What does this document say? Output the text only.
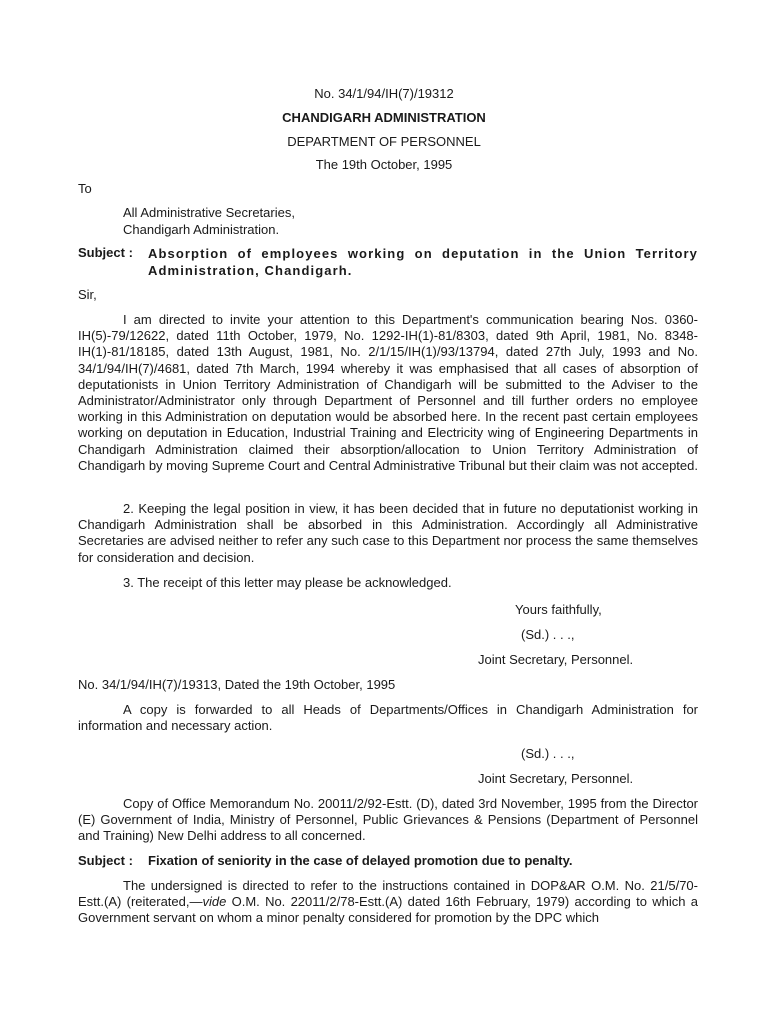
No. 34/1/94/IH(7)/19312
CHANDIGARH ADMINISTRATION
DEPARTMENT OF PERSONNEL
The 19th October, 1995
To
All Administrative Secretaries,
Chandigarh Administration.
Subject : Absorption of employees working on deputation in the Union Territory Administration, Chandigarh.
Sir,
I am directed to invite your attention to this Department's communication bearing Nos. 0360-IH(5)-79/12622, dated 11th October, 1979, No. 1292-IH(1)-81/8303, dated 9th April, 1981, No. 8348-IH(1)-81/18185, dated 13th August, 1981, No. 2/1/15/IH(1)/93/13794, dated 27th July, 1993 and No. 34/1/94/IH(7)/4681, dated 7th March, 1994 whereby it was emphasised that all cases of absorption of deputationists in Union Territory Administration of Chandigarh will be submitted to the Adviser to the Administrator/Administrator only through Department of Personnel and till further orders no employee working in this Administration on deputation would be absorbed here. In the recent past certain employees working on deputation in Education, Industrial Training and Electricity wing of Engineering Departments in Chandigarh Administration claimed their absorption/allocation to Union Territory Administration of Chandigarh by moving Supreme Court and Central Administrative Tribunal but their claim was not accepted.
2. Keeping the legal position in view, it has been decided that in future no deputationist working in Chandigarh Administration shall be absorbed in this Administration. Accordingly all Administrative Secretaries are advised neither to refer any such case to this Department nor process the same themselves for consideration and decision.
3. The receipt of this letter may please be acknowledged.
Yours faithfully,
(Sd.) . . .,
Joint Secretary, Personnel.
No. 34/1/94/IH(7)/19313, Dated the 19th October, 1995
A copy is forwarded to all Heads of Departments/Offices in Chandigarh Administration for information and necessary action.
(Sd.) . . .,
Joint Secretary, Personnel.
Copy of Office Memorandum No. 20011/2/92-Estt. (D), dated 3rd November, 1995 from the Director (E) Government of India, Ministry of Personnel, Public Grievances & Pensions (Department of Personnel and Training) New Delhi address to all concerned.
Subject : Fixation of seniority in the case of delayed promotion due to penalty.
The undersigned is directed to refer to the instructions contained in DOP&AR O.M. No. 21/5/70-Estt.(A) (reiterated,—vide O.M. No. 22011/2/78-Estt.(A) dated 16th February, 1979) according to which a Government servant on whom a minor penalty considered for promotion by the DPC which
